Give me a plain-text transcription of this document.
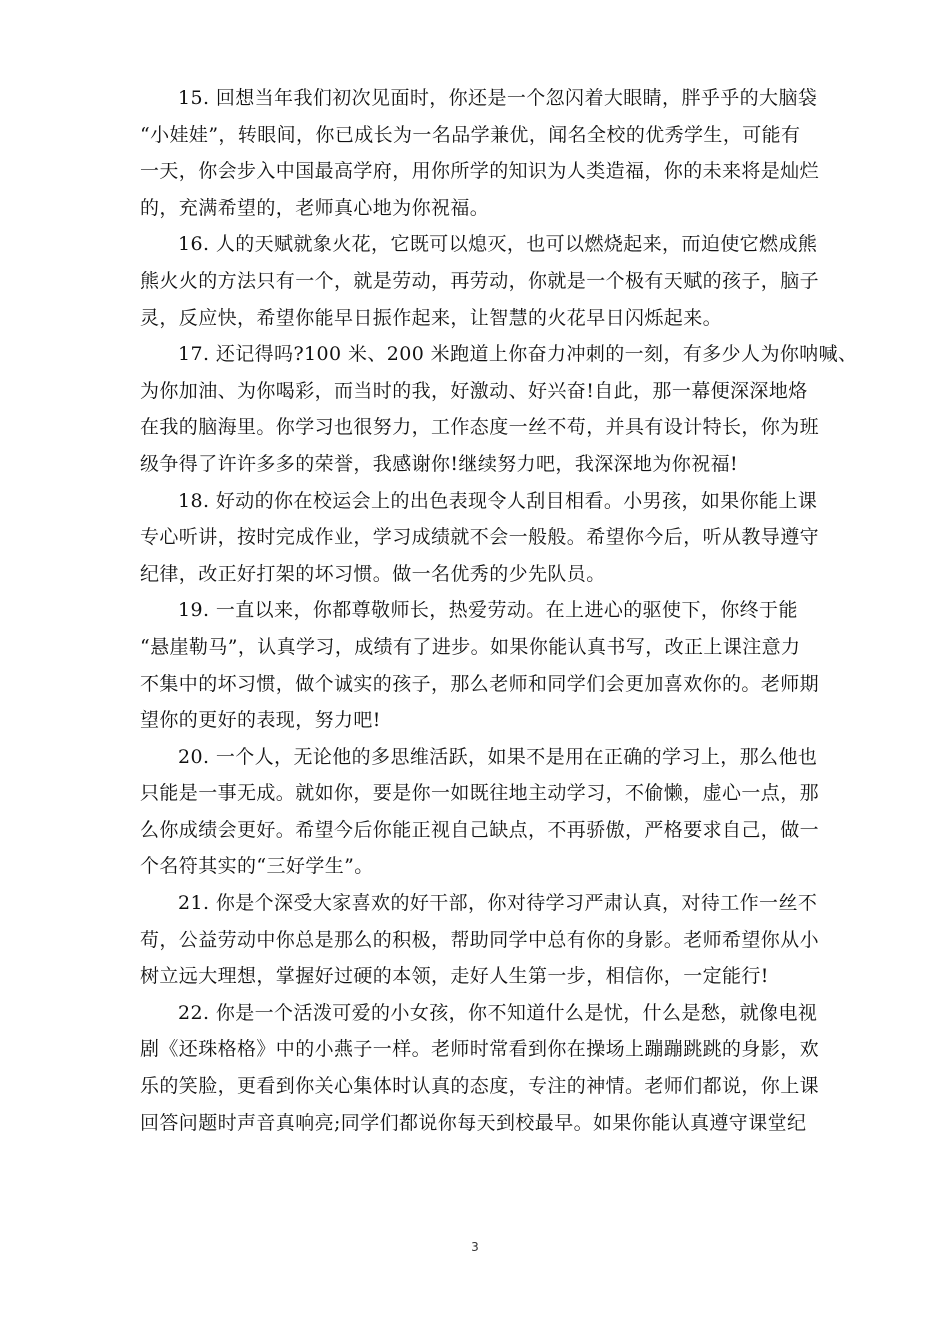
15. 回想当年我们初次见面时，你还是一个忽闪着大眼睛，胖乎乎的大脑袋
“小娃娃”，转眼间，你已成长为一名品学兼优，闻名全校的优秀学生，可能有
一天，你会步入中国最高学府，用你所学的知识为人类造福，你的未来将是灿烂
的，充满希望的，老师真心地为你祝福。

16. 人的天赋就象火花，它既可以熄灭，也可以燃烧起来，而迫使它燃成熊
熊火火的方法只有一个，就是劳动，再劳动，你就是一个极有天赋的孩子，脑子
灵，反应快，希望你能早日振作起来，让智慧的火花早日闪烁起来。

17. 还记得吗?100 米、200 米跑道上你奋力冲刺的一刻，有多少人为你呐喊、
为你加油、为你喝彩，而当时的我，好激动、好兴奋!自此，那一幕便深深地烙
在我的脑海里。你学习也很努力，工作态度一丝不苟，并具有设计特长，你为班
级争得了许许多多的荣誉，我感谢你!继续努力吧，我深深地为你祝福!

18. 好动的你在校运会上的出色表现令人刮目相看。小男孩，如果你能上课
专心听讲，按时完成作业，学习成绩就不会一般般。希望你今后，听从教导遵守
纪律，改正好打架的坏习惯。做一名优秀的少先队员。

19. 一直以来，你都尊敬师长，热爱劳动。在上进心的驱使下，你终于能
“悬崖勒马”，认真学习，成绩有了进步。如果你能认真书写，改正上课注意力
不集中的坏习惯，做个诚实的孩子，那么老师和同学们会更加喜欢你的。老师期
望你的更好的表现，努力吧!

20. 一个人，无论他的多思维活跃，如果不是用在正确的学习上，那么他也
只能是一事无成。就如你，要是你一如既往地主动学习，不偷懒，虚心一点，那
么你成绩会更好。希望今后你能正视自己缺点，不再骄傲，严格要求自己，做一
个名符其实的“三好学生”。

21. 你是个深受大家喜欢的好干部，你对待学习严肃认真，对待工作一丝不
苟，公益劳动中你总是那么的积极，帮助同学中总有你的身影。老师希望你从小
树立远大理想，掌握好过硬的本领，走好人生第一步，相信你，一定能行!

22. 你是一个活泼可爱的小女孩，你不知道什么是忧，什么是愁，就像电视
剧《还珠格格》中的小燕子一样。老师时常看到你在操场上蹦蹦跳跳的身影，欢
乐的笑脸，更看到你关心集体时认真的态度，专注的神情。老师们都说，你上课
回答问题时声音真响亮;同学们都说你每天到校最早。如果你能认真遵守课堂纪

3
